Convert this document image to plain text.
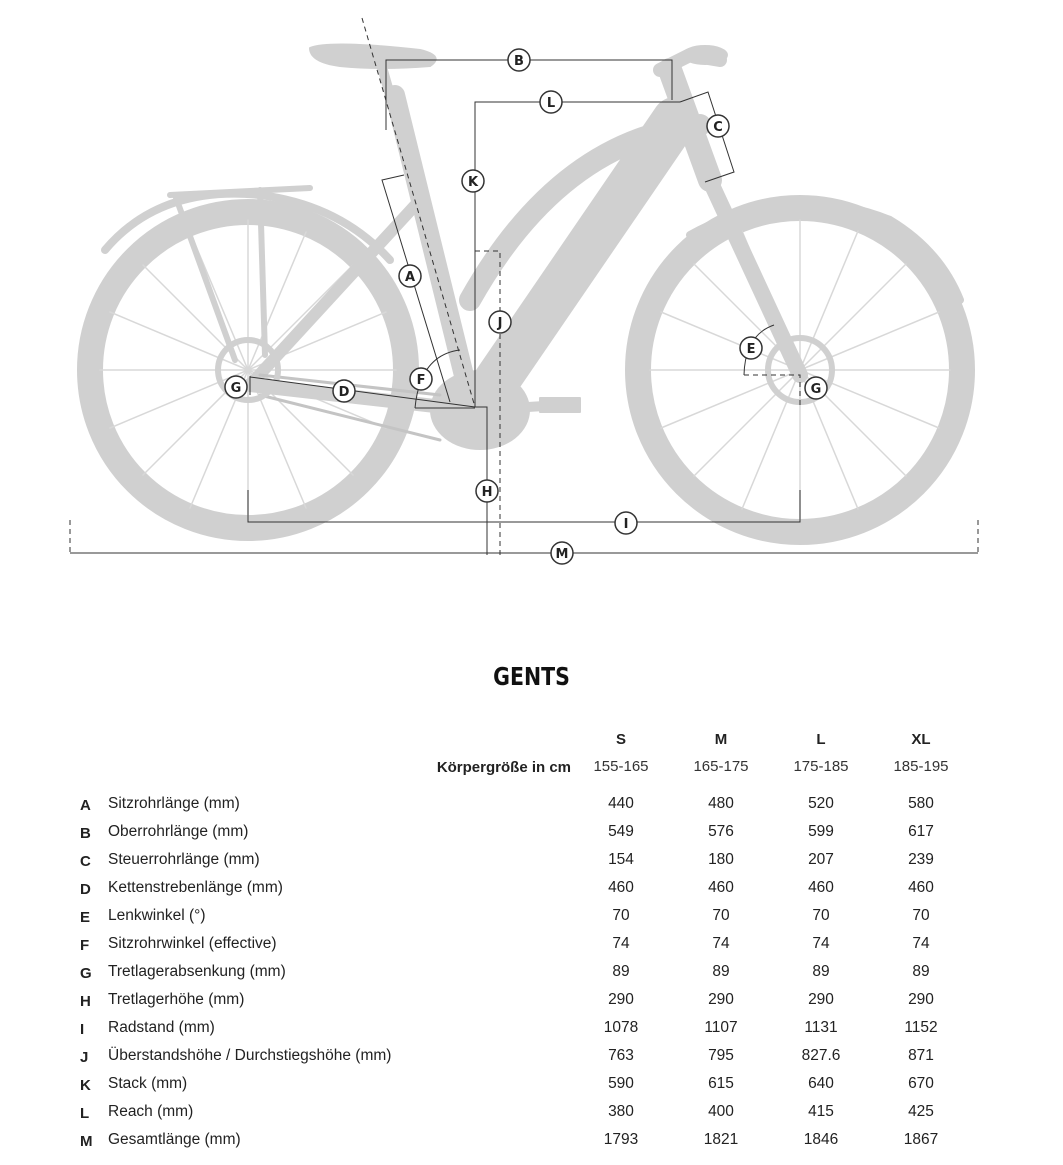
A
B
C
D
E
F
G	G
H
I
J
K
L
M
GENTS
S	M	L	XL
Körpergröße in cm	155-165	165-175	175-185	185-195
A	Sitzrohrlänge (mm)	440	480	520	580
B	Oberrohrlänge (mm)	549	576	599	617
C	Steuerrohrlänge (mm)	154	180	207	239
D	Kettenstrebenlänge (mm)	460	460	460	460
E	Lenkwinkel (°)	70	70	70	70
F	Sitzrohrwinkel (effective)	74	74	74	74
G	Tretlagerabsenkung (mm)	89	89	89	89
H	Tretlagerhöhe (mm)	290	290	290	290
I	Radstand (mm)	1078	1107	1131	1152
J	Überstandshöhe / Durchstiegshöhe (mm)	763	795	827.6	871
K	Stack (mm)	590	615	640	670
L	Reach (mm)	380	400	415	425
M	Gesamtlänge (mm)	1793	1821	1846	1867
